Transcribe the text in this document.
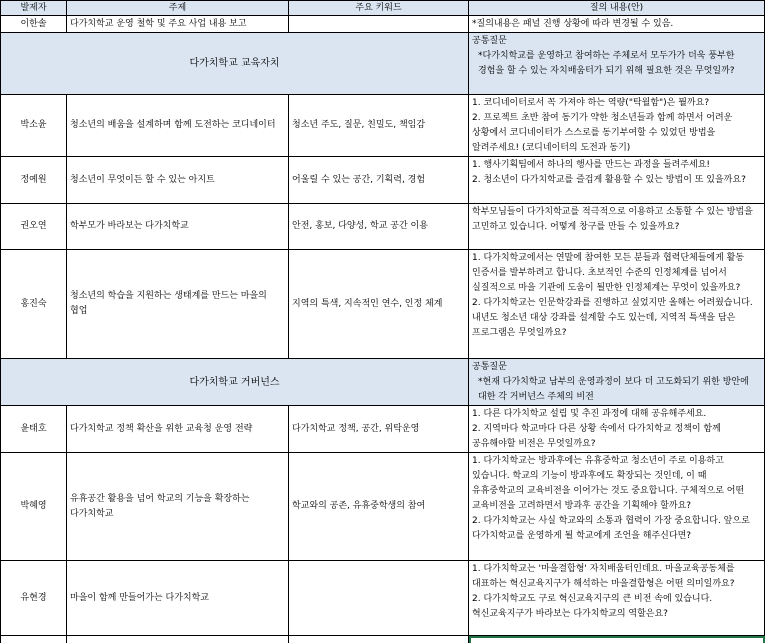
발제자	주제	주요 키워드	질의 내용(안)
이한솔	다가치학교 운영 철학 및 주요 사업 내용 보고		*질의내용은 패널 진행 상황에 따라 변경될 수 있음.
다가치학교 교육자치			공통질문
*다가치학교를 운영하고 참여하는 주체로서 모두가가 더욱 풍부한 경험을 할 수 있는 자치배움터가 되기 위해 필요한 것은 무엇일까?

박소윤	청소년의 배움을 설계하며 함께 도전하는 코디네이터	청소년 주도, 질문, 친밀도, 책임감	1. 코디네이터로서 꼭 가져야 하는 역량("탁월함")은 뭘까요?
2. 프로젝트 초반 참여 동기가 약한 청소년들과 함께 하면서 어려운 상황에서 코디네이터가 스스로를 동기부여할 수 있었던 방법을 알려주세요! (코디네이터의 도전과 동기)

정예원	청소년이 무엇이든 할 수 있는 아지트	어울릴 수 있는 공간, 기획력, 경험	1. 행사기획팀에서 하나의 행사를 만드는 과정을 들려주세요!
2. 청소년이 다가치학교를 즐겁게 활용할 수 있는 방법이 또 있을까요?

권오연	학부모가 바라보는 다가치학교	안전, 홍보, 다양성, 학교 공간 이용	학부모님들이 다가치학교를 적극적으로 이용하고 소통할 수 있는 방법을 고민하고 있습니다. 어떻게 창구를 만들 수 있을까요?

홍진숙	청소년의 학습을 지원하는 생태계를 만드는 마을의 협업	지역의 특색, 지속적인 연수, 인정 체계	1. 다가치학교에서는 연말에 참여한 모든 분들과 협력단체들에게 활동 인증서를 발부하려고 합니다. 초보적인 수준의 인정체계를 넘어서 실질적으로 마을 기관에 도움이 될만한 인정체계는 무엇이 있을까요?
2. 다가치학교는 인문학강좌를 진행하고 싶었지만 올해는 어려웠습니다. 내년도 청소년 대상 강좌를 설계할 수도 있는데, 지역적 특색을 담은 프로그램은 무엇일까요?

다가치학교 거버넌스			공통질문
*현재 다가치학교 남부의 운영과정이 보다 더 고도화되기 위한 방안에 대한 각 거버넌스 주체의 비전

윤태호	다가치학교 정책 확산을 위한 교육청 운영 전략	다가치학교 정책, 공간, 위탁운영	1. 다른 다가치학교 설립 및 추진 과정에 대해 공유해주세요.
2. 지역마다 학교마다 다른 상황 속에서 다가치학교 정책이 함께 공유해야할 비전은 무엇일까요?

박혜영	유휴공간 활용을 넘어 학교의 기능을 확장하는 다가치학교	학교와의 공존, 유휴중학생의 참여	1. 다가치학교는 방과후에는 유휴중학교 청소년이 주로 이용하고 있습니다. 학교의 기능이 방과후에도 확장되는 것인데, 이 때 유휴중학교의 교육비전을 이어가는 것도 중요합니다. 구체적으로 어떤 교육비전을 고려하면서 방과후 공간을 기획해야 할까요?
2. 다가치학교는 사실 학교와의 소통과 협력이 가장 중요합니다. 앞으로 다가치학교를 운영하게 될 학교에게 조언을 해주신다면?

유현경	마을이 함께 만들어가는 다가치학교		1. 다가치학교는 '마을결합형' 자치배움터인데요. 마을교육공동체를 대표하는 혁신교육지구가 해석하는 마을결합형은 어떤 의미일까요?
2. 다가치학교도 구로 혁신교육지구의 큰 비전 속에 있습니다. 혁신교육지구가 바라보는 다가치학교의 역할은요?
